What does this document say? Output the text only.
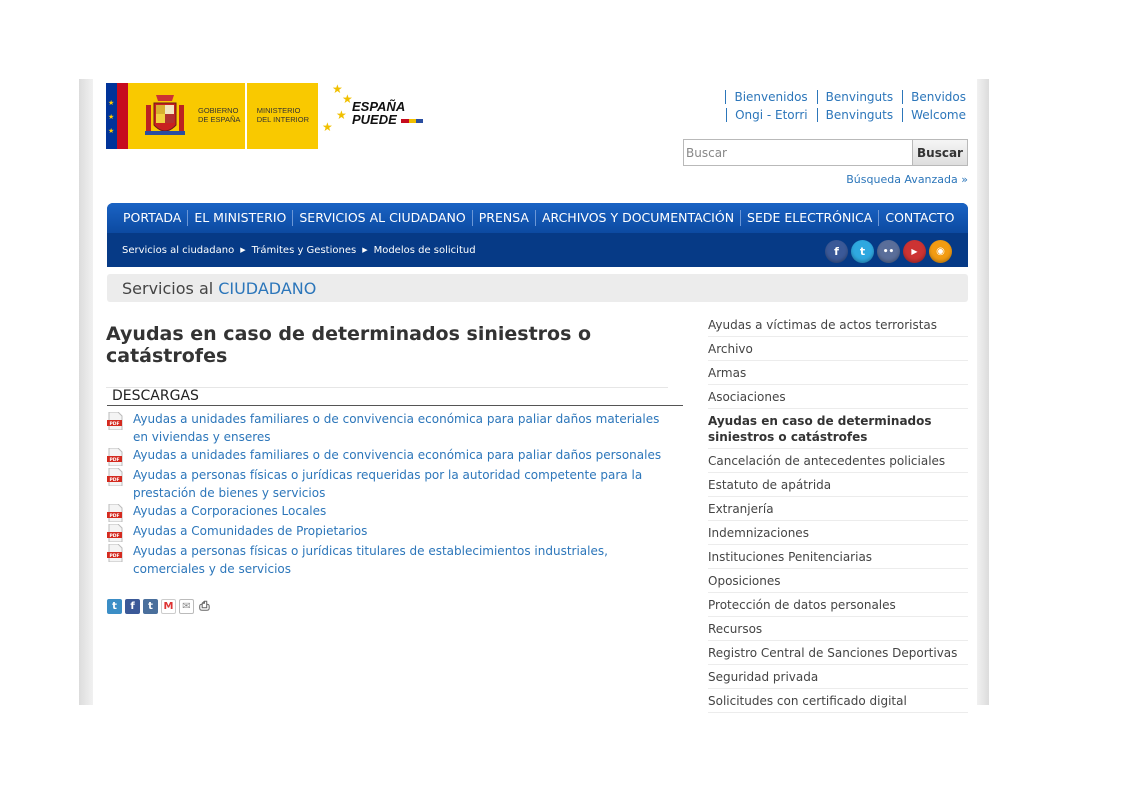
★
★
★
GOBIERNO DE ESPAÑA
MINISTERIO DEL INTERIOR
★
★
★
★
ESPAÑA
PUEDE
Bienvenidos	Benvinguts	Benvidos
Ongi - Etorri	Benvinguts	Welcome
Buscar
Buscar
Búsqueda Avanzada »
PORTADA	EL MINISTERIO	SERVICIOS AL CIUDADANO	PRENSA	ARCHIVOS Y DOCUMENTACIÓN	SEDE ELECTRÓNICA	CONTACTO
Servicios al ciudadano ▶ Trámites y Gestiones ▶ Modelos de solicitud	f	t	••	▶	◉
Servicios al CIUDADANO
Ayudas en caso de determinados siniestros o catástrofes
DESCARGAS
PDF Ayudas a unidades familiares o de convivencia económica para paliar daños materiales en viviendas y enseres
PDF Ayudas a unidades familiares o de convivencia económica para paliar daños personales
PDF Ayudas a personas físicas o jurídicas requeridas por la autoridad competente para la prestación de bienes y servicios
PDF Ayudas a Corporaciones Locales
PDF Ayudas a Comunidades de Propietarios
PDF Ayudas a personas físicas o jurídicas titulares de establecimientos industriales, comerciales y de servicios
t	f	t	M ✉ ⎙
Ayudas a víctimas de actos terroristas
Archivo
Armas
Asociaciones
Ayudas en caso de determinados siniestros o catástrofes
Cancelación de antecedentes policiales
Estatuto de apátrida
Extranjería
Indemnizaciones
Instituciones Penitenciarias
Oposiciones
Protección de datos personales
Recursos
Registro Central de Sanciones Deportivas
Seguridad privada
Solicitudes con certificado digital
